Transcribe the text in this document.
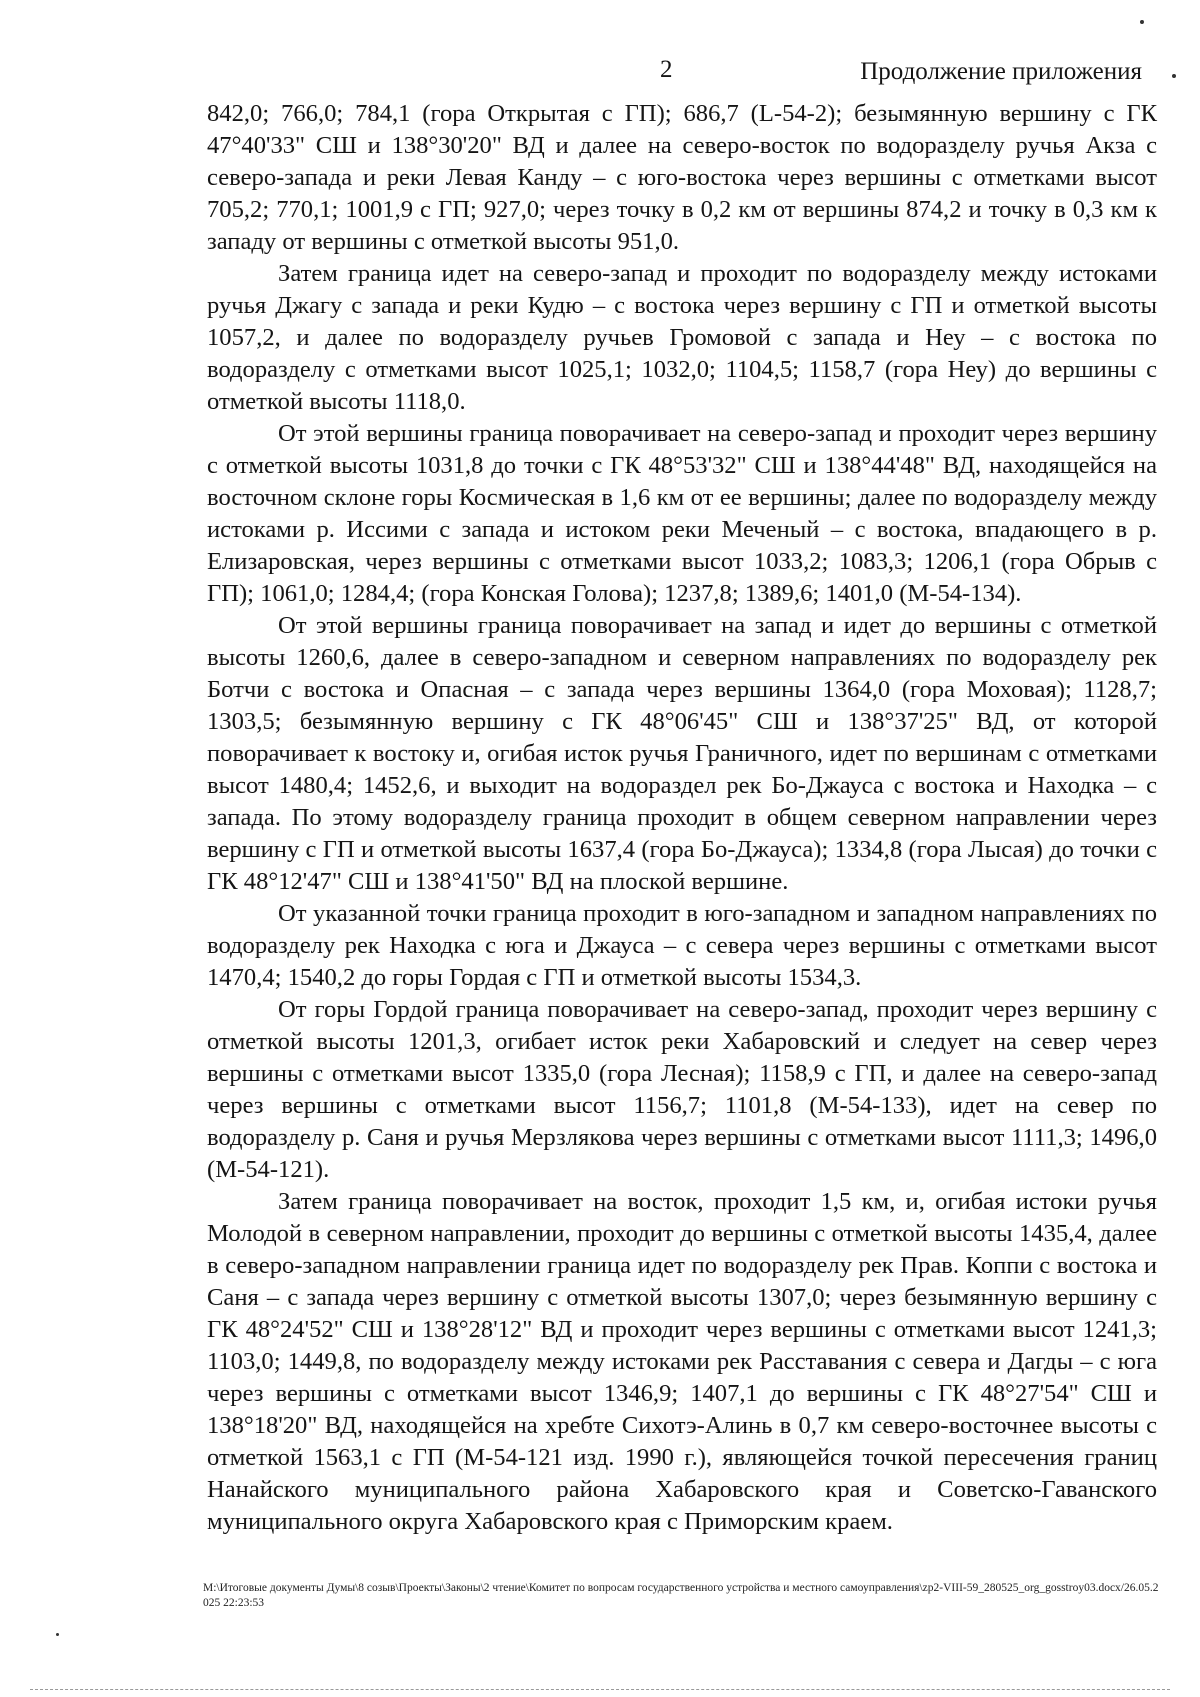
2	Продолжение приложения

842,0; 766,0; 784,1 (гора Открытая с ГП); 686,7 (L-54-2); безымянную вершину с ГК 47°40'33" СШ и 138°30'20" ВД и далее на северо-восток по водоразделу ручья Акза с северо-запада и реки Левая Канду – с юго-востока через вершины с отметками высот 705,2; 770,1; 1001,9 с ГП; 927,0; через точку в 0,2 км от вершины 874,2 и точку в 0,3 км к западу от вершины с отметкой высоты 951,0.

Затем граница идет на северо-запад и проходит по водоразделу между истоками ручья Джагу с запада и реки Кудю – с востока через вершину с ГП и отметкой высоты 1057,2, и далее по водоразделу ручьев Громовой с запада и Неу – с востока по водоразделу с отметками высот 1025,1; 1032,0; 1104,5; 1158,7 (гора Неу) до вершины с отметкой высоты 1118,0.

От этой вершины граница поворачивает на северо-запад и проходит через вершину с отметкой высоты 1031,8 до точки с ГК 48°53'32" СШ и 138°44'48" ВД, находящейся на восточном склоне горы Космическая в 1,6 км от ее вершины; далее по водоразделу между истоками р. Иссими с запада и истоком реки Меченый – с востока, впадающего в р. Елизаровская, через вершины с отметками высот 1033,2; 1083,3; 1206,1 (гора Обрыв с ГП); 1061,0; 1284,4; (гора Конская Голова); 1237,8; 1389,6; 1401,0 (M-54-134).

От этой вершины граница поворачивает на запад и идет до вершины с отметкой высоты 1260,6, далее в северо-западном и северном направлениях по водоразделу рек Ботчи с востока и Опасная – с запада через вершины 1364,0 (гора Моховая); 1128,7; 1303,5; безымянную вершину с ГК 48°06'45" СШ и 138°37'25" ВД, от которой поворачивает к востоку и, огибая исток ручья Граничного, идет по вершинам с отметками высот 1480,4; 1452,6, и выходит на водораздел рек Бо-Джауса с востока и Находка – с запада. По этому водоразделу граница проходит в общем северном направлении через вершину с ГП и отметкой высоты 1637,4 (гора Бо-Джауса); 1334,8 (гора Лысая) до точки с ГК 48°12'47" СШ и 138°41'50" ВД на плоской вершине.

От указанной точки граница проходит в юго-западном и западном направлениях по водоразделу рек Находка с юга и Джауса – с севера через вершины с отметками высот 1470,4; 1540,2 до горы Гордая с ГП и отметкой высоты 1534,3.

От горы Гордой граница поворачивает на северо-запад, проходит через вершину с отметкой высоты 1201,3, огибает исток реки Хабаровский и следует на север через вершины с отметками высот 1335,0 (гора Лесная); 1158,9 с ГП, и далее на северо-запад через вершины с отметками высот 1156,7; 1101,8 (M-54-133), идет на север по водоразделу р. Саня и ручья Мерзлякова через вершины с отметками высот 1111,3; 1496,0 (M-54-121).

Затем граница поворачивает на восток, проходит 1,5 км, и, огибая истоки ручья Молодой в северном направлении, проходит до вершины с отметкой высоты 1435,4, далее в северо-западном направлении граница идет по водоразделу рек Прав. Коппи с востока и Саня – с запада через вершину с отметкой высоты 1307,0; через безымянную вершину с ГК 48°24'52" СШ и 138°28'12" ВД и проходит через вершины с отметками высот 1241,3; 1103,0; 1449,8, по водоразделу между истоками рек Расставания с севера и Дагды – с юга через вершины с отметками высот 1346,9; 1407,1 до вершины с ГК 48°27'54" СШ и 138°18'20" ВД, находящейся на хребте Сихотэ-Алинь в 0,7 км северо-восточнее высоты с отметкой 1563,1 с ГП (M-54-121 изд. 1990 г.), являющейся точкой пересечения границ Нанайского муниципального района Хабаровского края и Советско-Гаванского муниципального округа Хабаровского края с Приморским краем.

M:\Итоговые документы Думы\8 созыв\Проекты\Законы\2 чтение\Комитет по вопросам государственного устройства и местного самоуправления\zp2-VIII-59_280525_org_gosstroy03.docx/26.05.2025 22:23:53
